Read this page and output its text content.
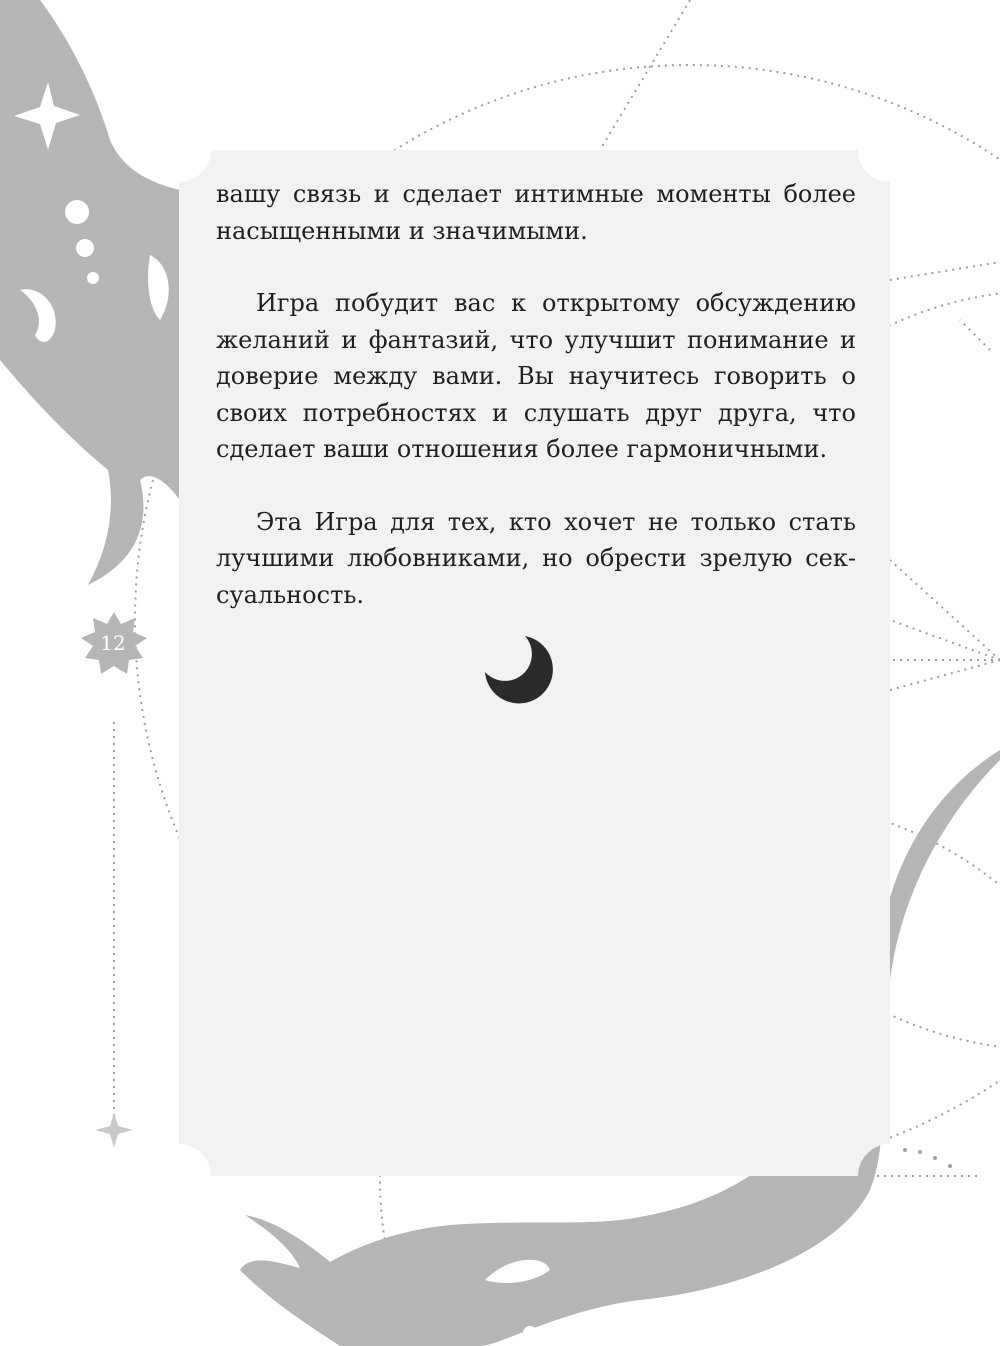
вашу связь и сделает интимные моменты более насыщенными и значимыми.

Игра побудит вас к открытому обсуждению желаний и фантазий, что улучшит понимание и доверие между вами. Вы научитесь говорить о своих потребностях и слушать друг друга, что сделает ваши отношения более гармоничными.

Эта Игра для тех, кто хочет не только стать лучшими любовниками, но обрести зрелую сексуальность.

12
